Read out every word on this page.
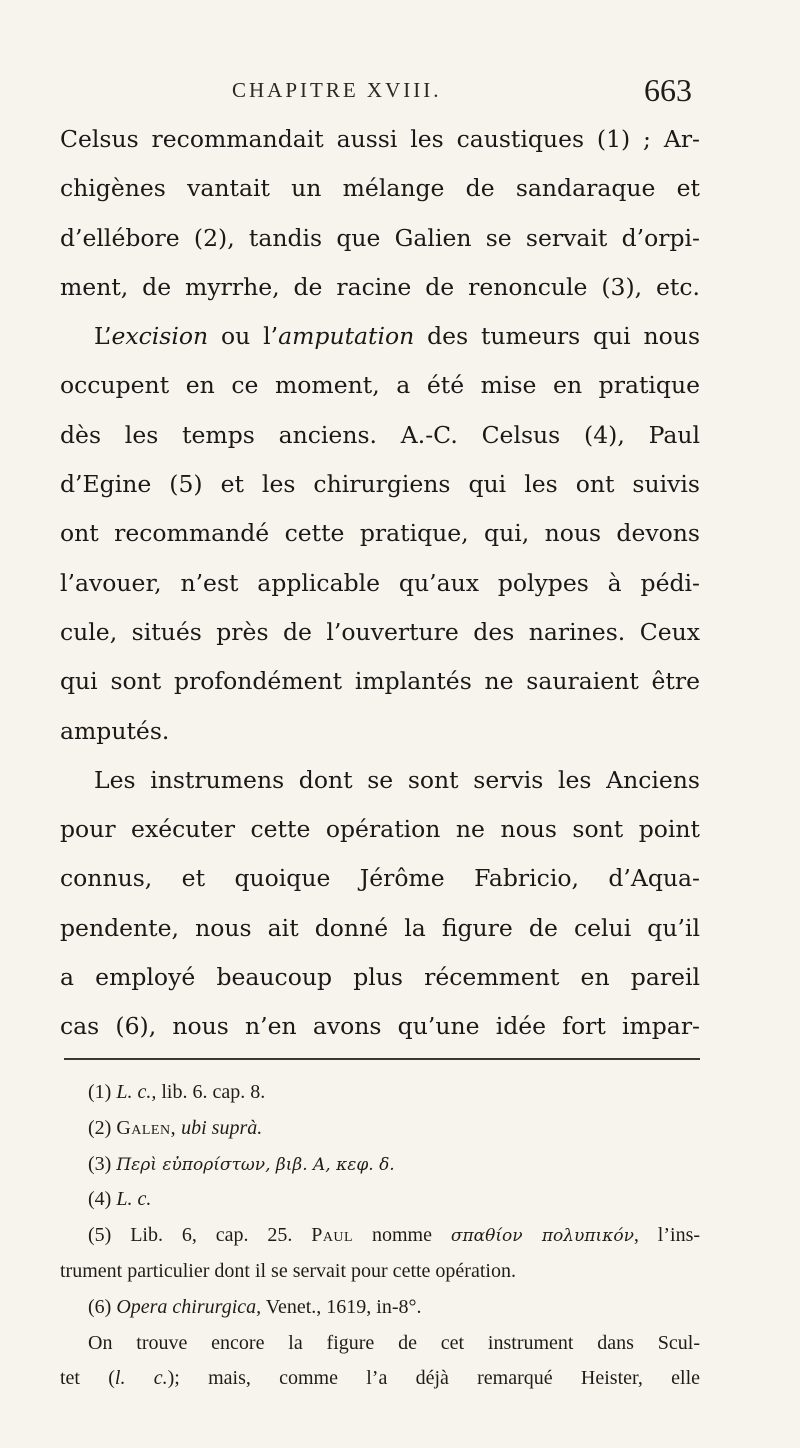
CHAPITRE XVIII.	663
Celsus recommandait aussi les caustiques (1) ; Ar-
chigènes vantait un mélange de sandaraque et
d’ellébore (2), tandis que Galien se servait d’orpi-
ment, de myrrhe, de racine de renoncule (3), etc.
L’excision ou l’amputation des tumeurs qui nous
occupent en ce moment, a été mise en pratique
dès les temps anciens. A.-C. Celsus (4), Paul
d’Egine (5) et les chirurgiens qui les ont suivis
ont recommandé cette pratique, qui, nous devons
l’avouer, n’est applicable qu’aux polypes à pédi-
cule, situés près de l’ouverture des narines. Ceux
qui sont profondément implantés ne sauraient être
amputés.
Les instrumens dont se sont servis les Anciens
pour exécuter cette opération ne nous sont point
connus, et quoique Jérôme Fabricio, d’Aqua-
pendente, nous ait donné la figure de celui qu’il
a employé beaucoup plus récemment en pareil
cas (6), nous n’en avons qu’une idée fort impar-
(1) L. c., lib. 6. cap. 8.
(2) Galen, ubi suprà.
(3) Περὶ εὐπορίστων, βιβ. Α, κεφ. δ.
(4) L. c.
(5) Lib. 6, cap. 25. Paul nomme σπαθίον πολυπικόν, l’ins-
trument particulier dont il se servait pour cette opération.
(6) Opera chirurgica, Venet., 1619, in-8°.
On trouve encore la figure de cet instrument dans Scul-
tet (l. c.); mais, comme l’a déjà remarqué Heister, elle
